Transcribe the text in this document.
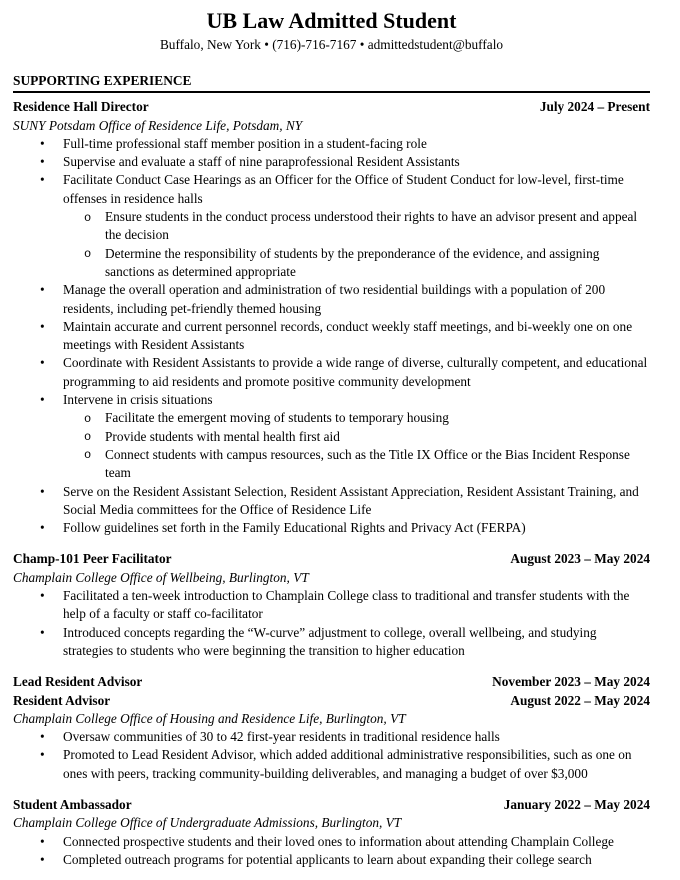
UB Law Admitted Student
Buffalo, New York • (716)-716-7167 • admittedstudent@buffalo
SUPPORTING EXPERIENCE
Residence Hall Director	July 2024 – Present
SUNY Potsdam Office of Residence Life, Potsdam, NY
• Full-time professional staff member position in a student-facing role
• Supervise and evaluate a staff of nine paraprofessional Resident Assistants
• Facilitate Conduct Case Hearings as an Officer for the Office of Student Conduct for low-level, first-time offenses in residence halls
o Ensure students in the conduct process understood their rights to have an advisor present and appeal the decision
o Determine the responsibility of students by the preponderance of the evidence, and assigning sanctions as determined appropriate
• Manage the overall operation and administration of two residential buildings with a population of 200 residents, including pet-friendly themed housing
• Maintain accurate and current personnel records, conduct weekly staff meetings, and bi-weekly one on one meetings with Resident Assistants
• Coordinate with Resident Assistants to provide a wide range of diverse, culturally competent, and educational programming to aid residents and promote positive community development
• Intervene in crisis situations
o Facilitate the emergent moving of students to temporary housing
o Provide students with mental health first aid
o Connect students with campus resources, such as the Title IX Office or the Bias Incident Response team
• Serve on the Resident Assistant Selection, Resident Assistant Appreciation, Resident Assistant Training, and Social Media committees for the Office of Residence Life
• Follow guidelines set forth in the Family Educational Rights and Privacy Act (FERPA)
Champ-101 Peer Facilitator	August 2023 – May 2024
Champlain College Office of Wellbeing, Burlington, VT
• Facilitated a ten-week introduction to Champlain College class to traditional and transfer students with the help of a faculty or staff co-facilitator
• Introduced concepts regarding the “W-curve” adjustment to college, overall wellbeing, and studying strategies to students who were beginning the transition to higher education
Lead Resident Advisor	November 2023 – May 2024
Resident Advisor	August 2022 – May 2024
Champlain College Office of Housing and Residence Life, Burlington, VT
• Oversaw communities of 30 to 42 first-year residents in traditional residence halls
• Promoted to Lead Resident Advisor, which added additional administrative responsibilities, such as one on ones with peers, tracking community-building deliverables, and managing a budget of over $3,000
Student Ambassador	January 2022 – May 2024
Champlain College Office of Undergraduate Admissions, Burlington, VT
• Connected prospective students and their loved ones to information about attending Champlain College
• Completed outreach programs for potential applicants to learn about expanding their college search
